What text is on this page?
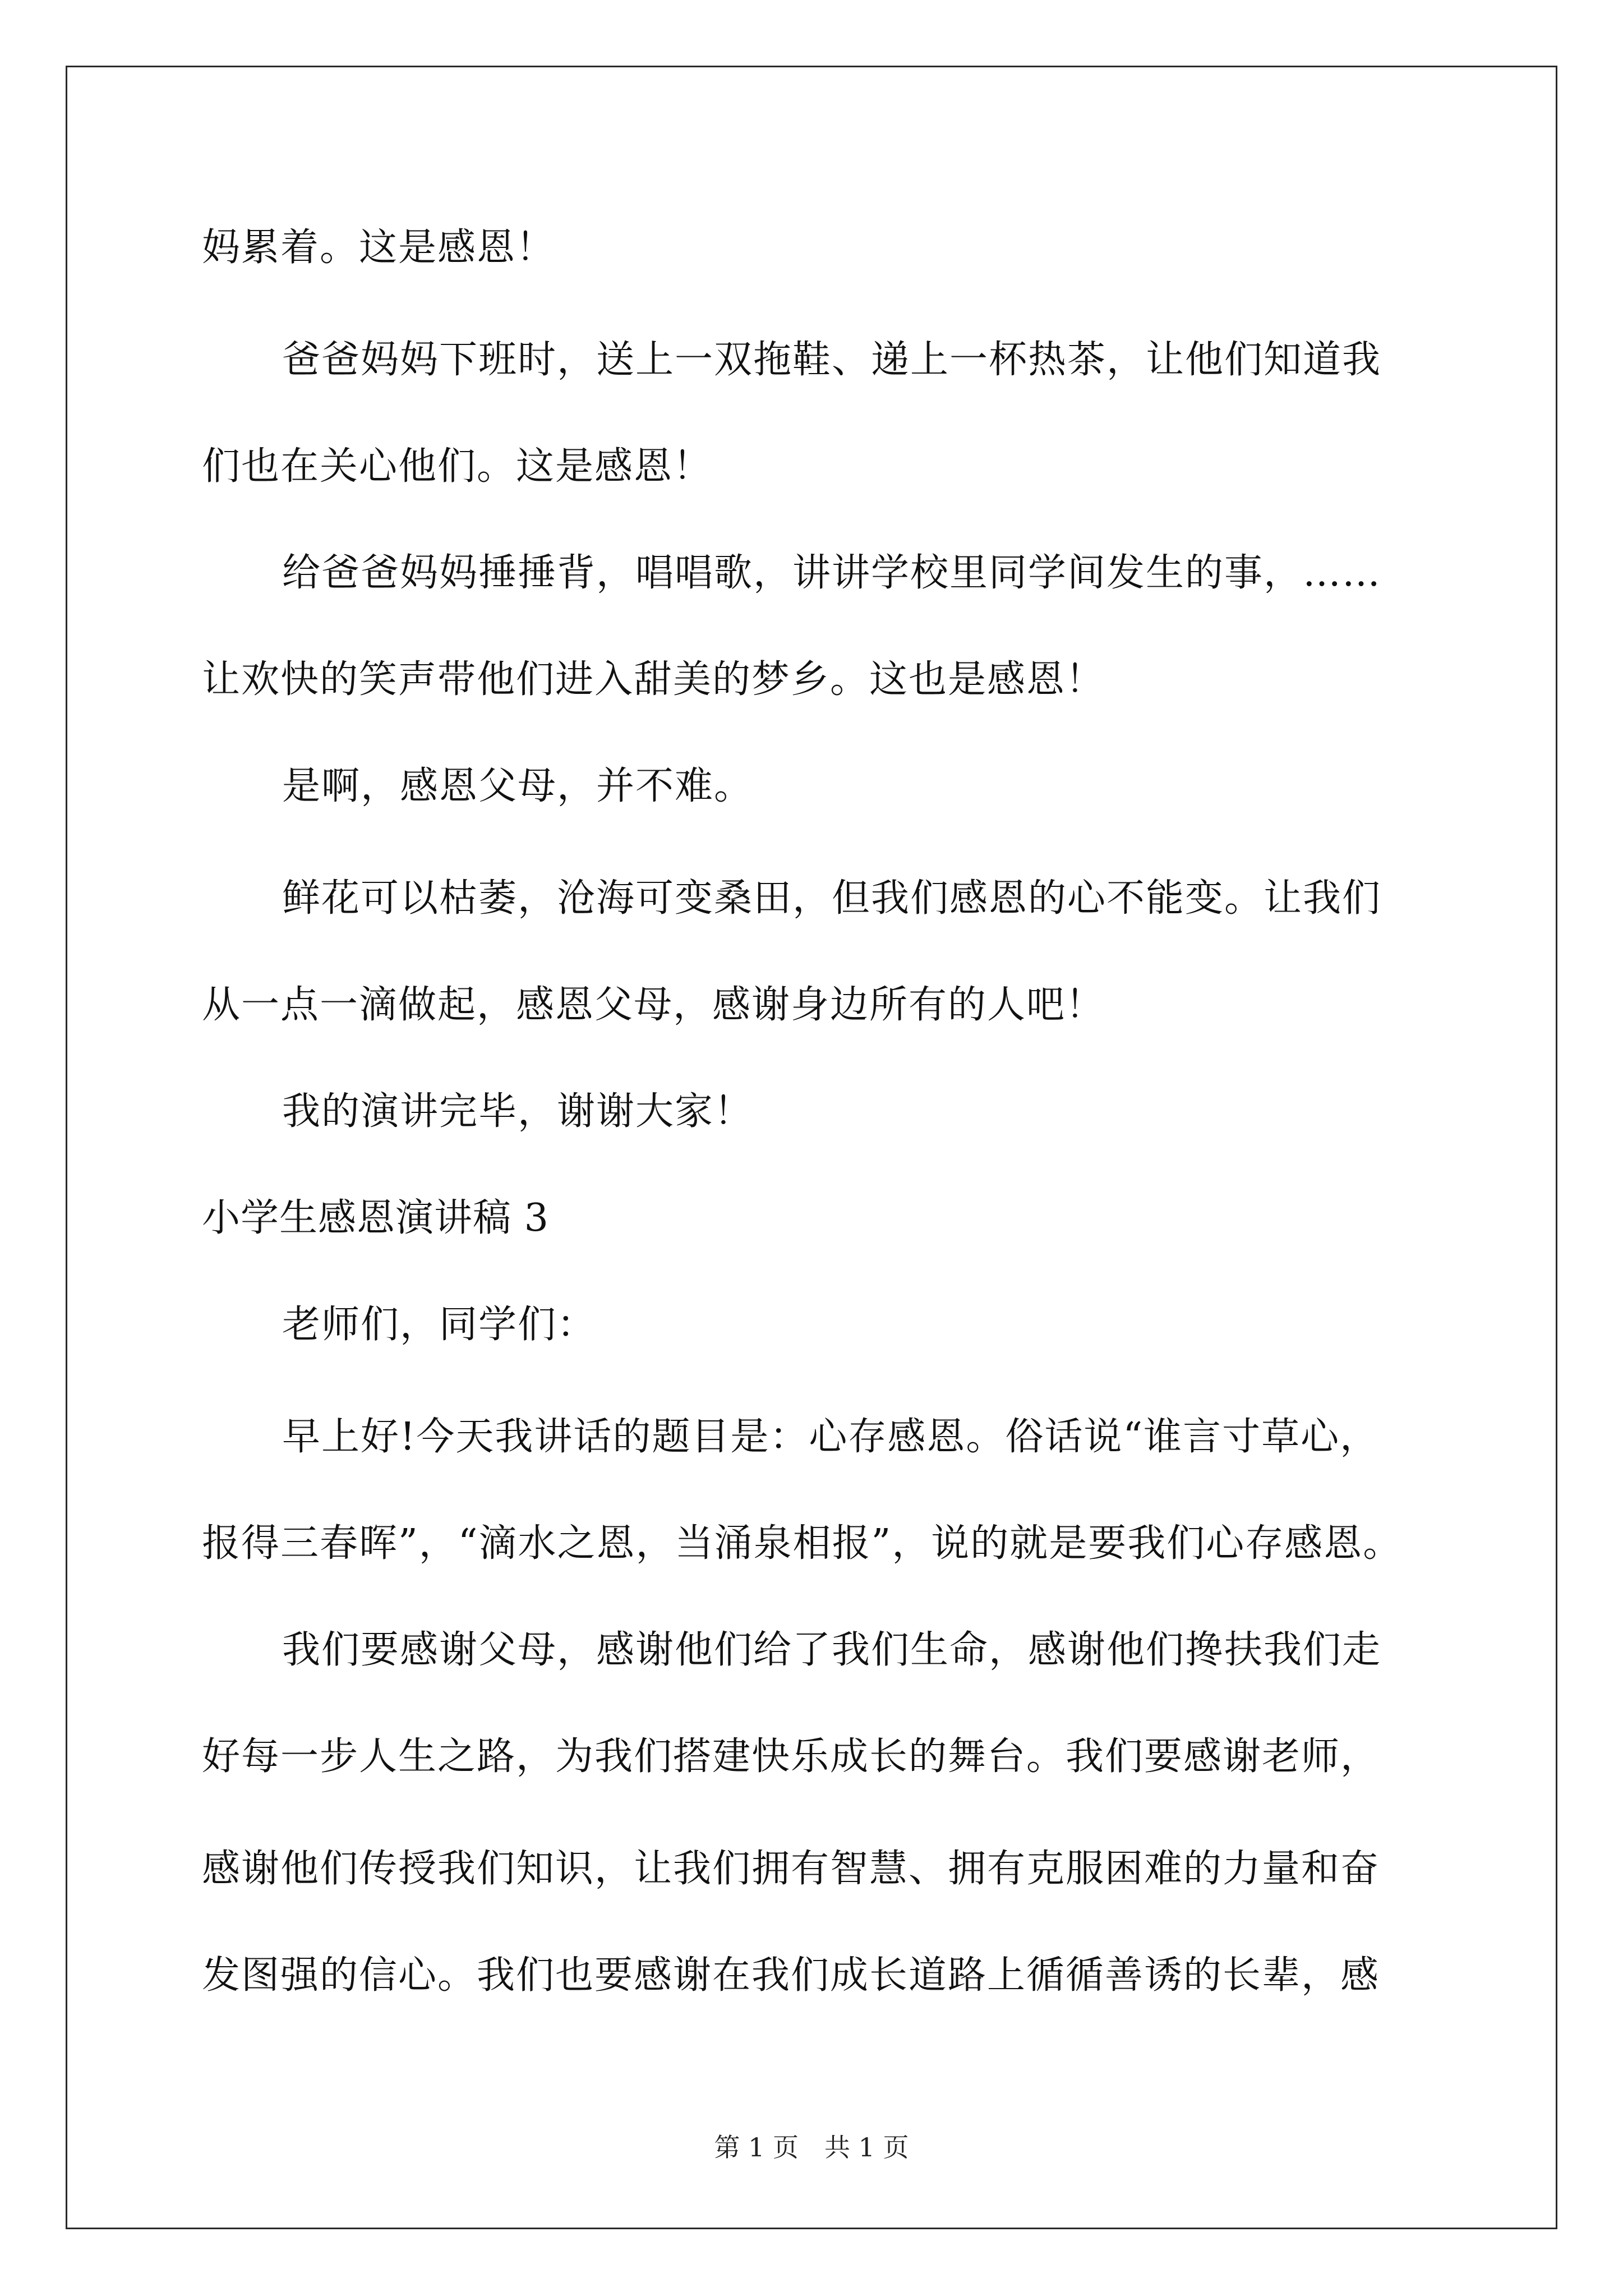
妈累着。这是感恩！
爸爸妈妈下班时，送上一双拖鞋、递上一杯热茶，让他们知道我
们也在关心他们。这是感恩！
给爸爸妈妈捶捶背，唱唱歌，讲讲学校里同学间发生的事，……
让欢快的笑声带他们进入甜美的梦乡。这也是感恩！
是啊，感恩父母，并不难。
鲜花可以枯萎，沧海可变桑田，但我们感恩的心不能变。让我们
从一点一滴做起，感恩父母，感谢身边所有的人吧！
我的演讲完毕，谢谢大家！
小学生感恩演讲稿 3
老师们，同学们：
早上好!今天我讲话的题目是：心存感恩。俗话说“谁言寸草心，
报得三春晖”，“滴水之恩，当涌泉相报”，说的就是要我们心存感恩。
我们要感谢父母，感谢他们给了我们生命，感谢他们搀扶我们走
好每一步人生之路，为我们搭建快乐成长的舞台。我们要感谢老师，
感谢他们传授我们知识，让我们拥有智慧、拥有克服困难的力量和奋
发图强的信心。我们也要感谢在我们成长道路上循循善诱的长辈，感
第 1 页　共 1 页
